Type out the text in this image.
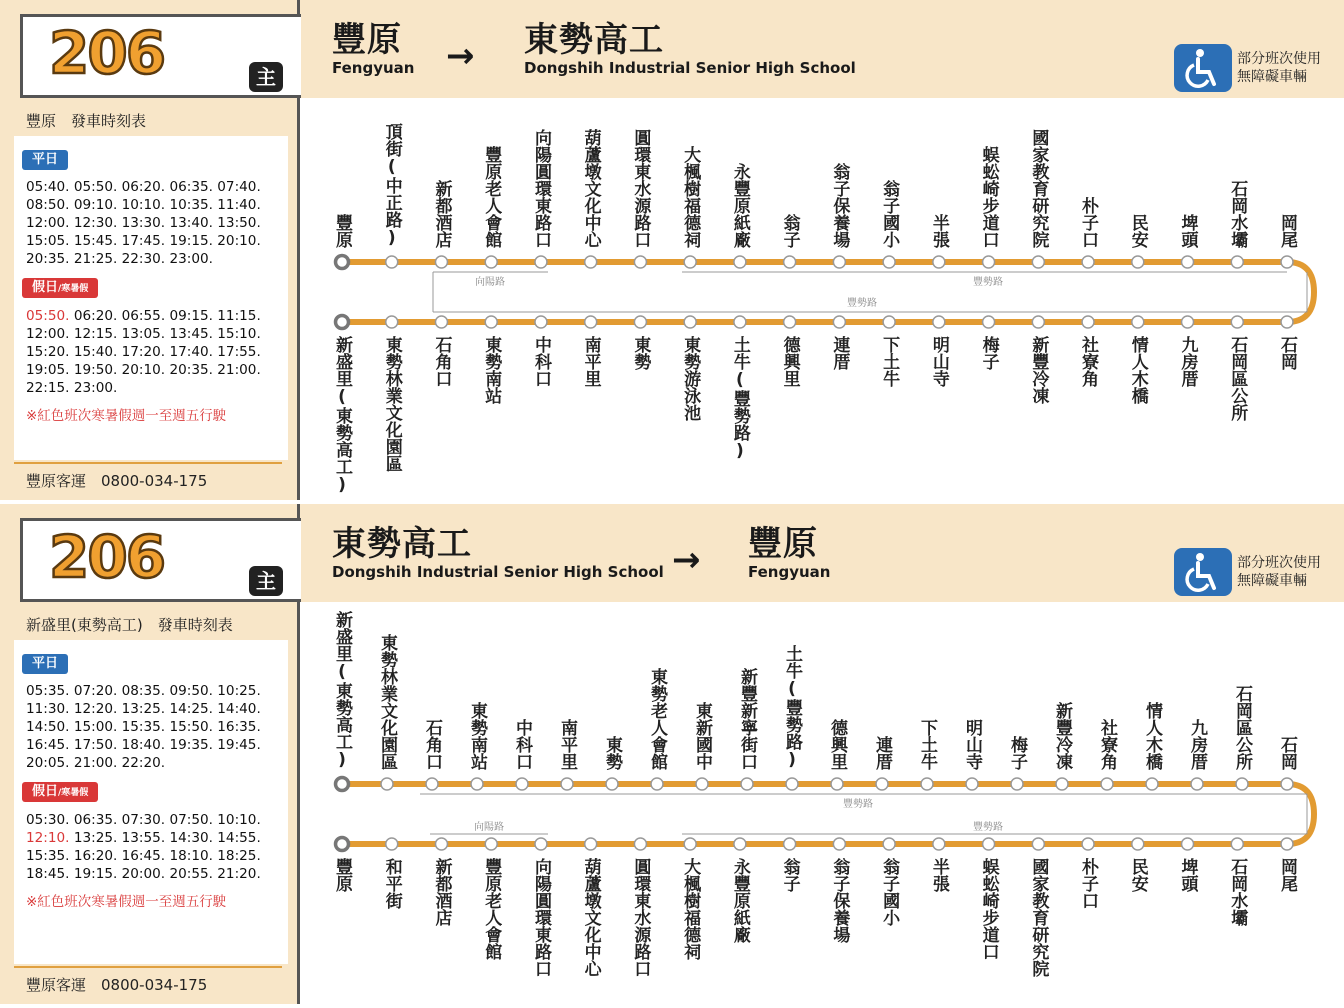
206	主
豐原　發車時刻表
平日
05:40. 05:50. 06:20. 06:35. 07:40.
08:50. 09:10. 10:10. 10:35. 11:40.
12:00. 12:30. 13:30. 13:40. 13:50.
15:05. 15:45. 17:45. 19:15. 20:10.
20:35. 21:25. 22:30. 23:00.
假日/寒暑假
05:50. 06:20. 06:55. 09:15. 11:15.
12:00. 12:15. 13:05. 13:45. 15:10.
15:20. 15:40. 17:20. 17:40. 17:55.
19:05. 19:50. 20:10. 20:35. 21:00.
22:15. 23:00.
※紅色班次寒暑假週一至週五行駛
豐原客運　0800-034-175
豐原
Fengyuan → 東勢高工
Dongshih Industrial Senior High School	部分班次使用
無障礙車輛
向陽路	豐勢路
豐勢路
豐原 頂街(中正路) 新都酒店 豐原老人會館 向陽圓環東路口 葫蘆墩文化中心 圓環東水源路口 大楓樹福德祠 永豐原紙廠 翁子 翁子保養場 翁子國小 半張 蜈蚣崎步道口 國家教育研究院 朴子口 民安 埤頭 石岡水壩 岡尾
新盛里(東勢高工) 東勢林業文化園區 石角口 東勢南站 中科口 南平里 東勢 東勢游泳池 土牛(豐勢路) 德興里 連厝 下土牛 明山寺 梅子 新豐冷凍 社寮角 情人木橋 九房厝 石岡區公所 石岡
206	主
新盛里(東勢高工)　發車時刻表
平日
05:35. 07:20. 08:35. 09:50. 10:25.
11:30. 12:20. 13:25. 14:25. 14:40.
14:50. 15:00. 15:35. 15:50. 16:35.
16:45. 17:50. 18:40. 19:35. 19:45.
20:05. 21:00. 22:20.
假日/寒暑假
05:30. 06:35. 07:30. 07:50. 10:10.
12:10. 13:25. 13:55. 14:30. 14:55.
15:35. 16:20. 16:45. 18:10. 18:25.
18:45. 19:15. 20:00. 20:55. 21:20.
※紅色班次寒暑假週一至週五行駛
豐原客運　0800-034-175
東勢高工
Dongshih Industrial Senior High School → 豐原
Fengyuan	部分班次使用
無障礙車輛
豐勢路
向陽路	豐勢路
新盛里(東勢高工) 東勢林業文化園區 石角口 東勢南站 中科口 南平里 東勢 東勢老人會館 東新國中 新豐新寧街口 土牛(豐勢路) 德興里 連厝 下土牛 明山寺 梅子 新豐冷凍 社寮角 情人木橋 九房厝 石岡區公所 石岡
豐原 和平街 新都酒店 豐原老人會館 向陽圓環東路口 葫蘆墩文化中心 圓環東水源路口 大楓樹福德祠 永豐原紙廠 翁子 翁子保養場 翁子國小 半張 蜈蚣崎步道口 國家教育研究院 朴子口 民安 埤頭 石岡水壩 岡尾
